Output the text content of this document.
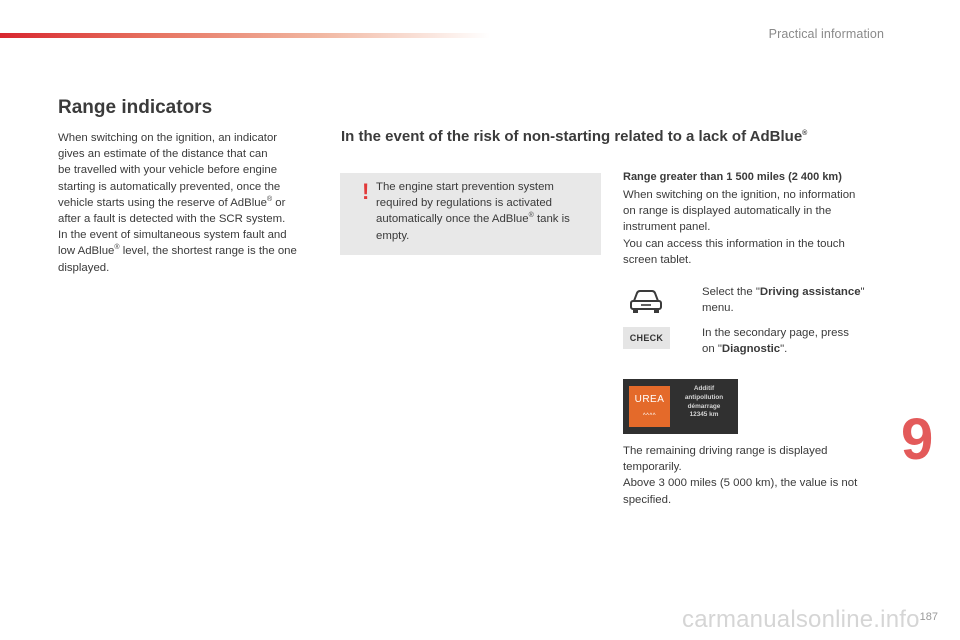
Practical information
Range indicators

When switching on the ignition, an indicator

gives an estimate of the distance that can

be travelled with your vehicle before engine

starting is automatically prevented, once the

vehicle starts using the reserve of AdBlue® or

after a fault is detected with the SCR system.

In the event of simultaneous system fault and

low AdBlue® level, the shortest range is the one

displayed.

In the event of the risk of non-starting related to a lack of AdBlue®
! The engine start prevention system

required by regulations is activated

automatically once the AdBlue® tank is

empty.

Range greater than 1 500 miles (2 400 km)

When switching on the ignition, no information

on range is displayed automatically in the

instrument panel.

You can access this information in the touch

screen tablet.

Select the "Driving assistance"
menu.
CHECK	In the secondary page, press
on "Diagnostic".
UREA
^^^^
Additif
antipollution
démarrage
12345 km

The remaining driving range is displayed

temporarily.

Above 3 000 miles (5 000 km), the value is not

specified.

9
carmanualsonline.info 187
